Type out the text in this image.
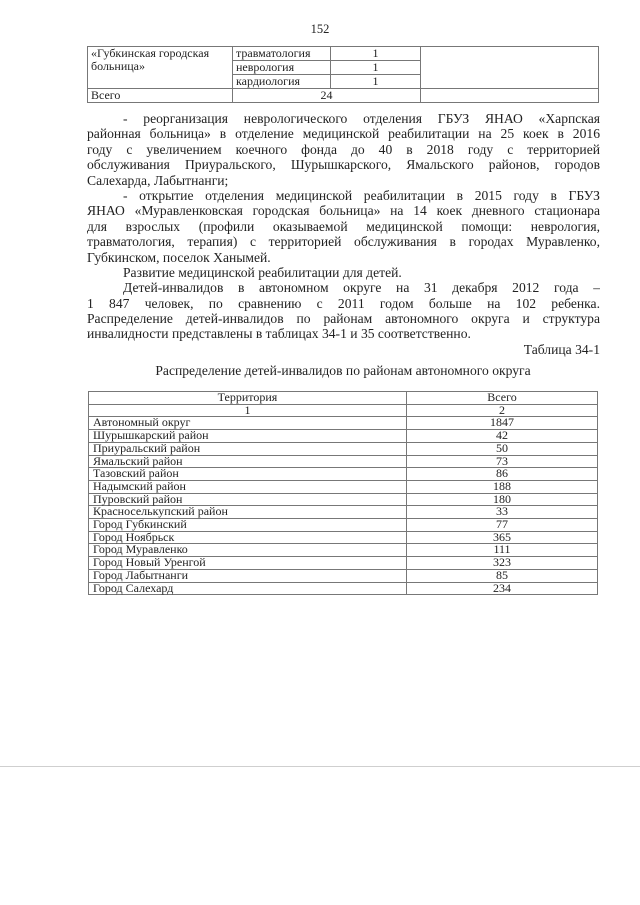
152
«Губкинская городская больница»	травматология	1	
	неврология	1	
	кардиология	1	
Всего	24		
- реорганизация неврологического отделения ГБУЗ ЯНАО «Харпская
районная больница» в отделение медицинской реабилитации на 25 коек в 2016
году с увеличением коечного фонда до 40 в 2018 году с территорией
обслуживания Приуральского, Шурышкарского, Ямальского районов, городов
Салехарда, Лабытнанги;
- открытие отделения медицинской реабилитации в 2015 году в ГБУЗ
ЯНАО «Муравленковская городская больница» на 14 коек дневного стационара
для взрослых (профили оказываемой медицинской помощи: неврология,
травматология, терапия) с территорией обслуживания в городах Муравленко,
Губкинском, поселок Ханымей.
Развитие медицинской реабилитации для детей.
Детей-инвалидов в автономном округе на 31 декабря 2012 года –
1 847 человек, по сравнению с 2011 годом больше на 102 ребенка.
Распределение детей-инвалидов по районам автономного округа и структура
инвалидности представлены в таблицах 34-1 и 35 соответственно.
Таблица 34-1
Распределение детей-инвалидов по районам автономного округа
Территория	Всего
1	2
Автономный округ	1847
Шурышкарский район	42
Приуральский район	50
Ямальский район	73
Тазовский район	86
Надымский район	188
Пуровский район	180
Красноселькупский район	33
Город Губкинский	77
Город Ноябрьск	365
Город Муравленко	111
Город Новый Уренгой	323
Город Лабытнанги	85
Город Салехард	234
